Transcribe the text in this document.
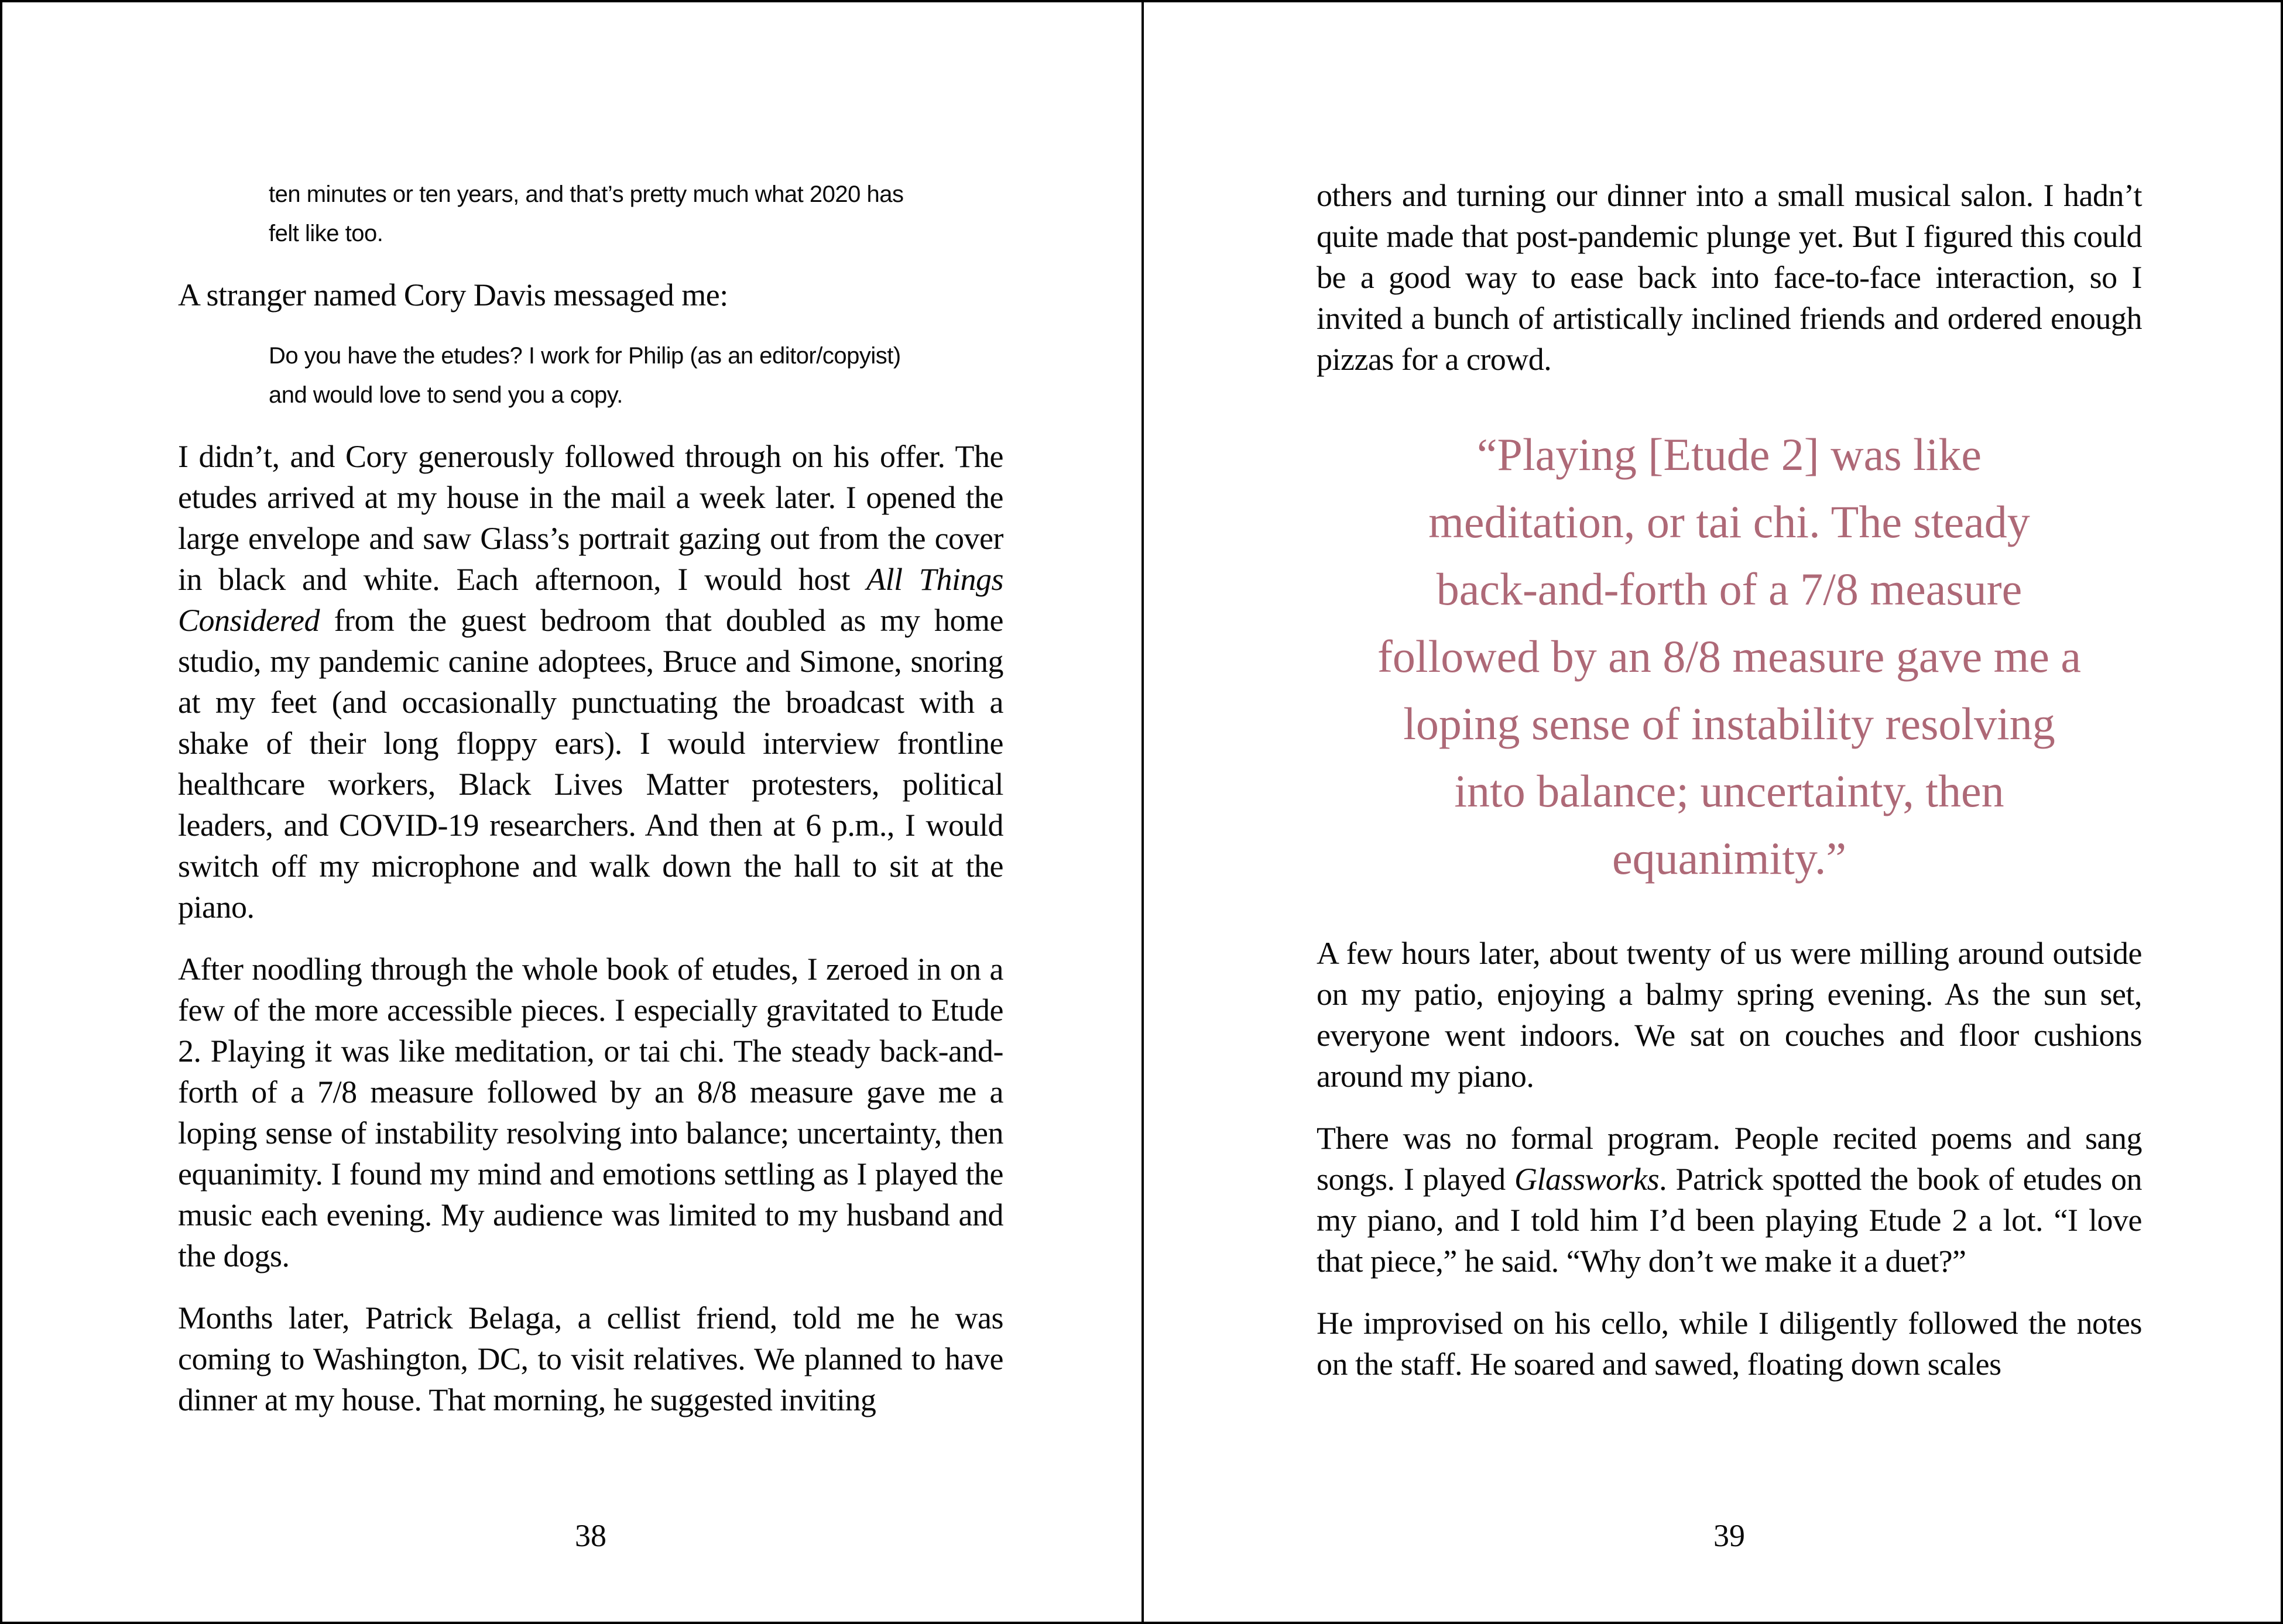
ten minutes or ten years, and that’s pretty much what 2020 has felt like too.

A stranger named Cory Davis messaged me:

Do you have the etudes? I work for Philip (as an editor/copyist) and would love to send you a copy.

I didn’t, and Cory generously followed through on his offer. The etudes arrived at my house in the mail a week later. I opened the large envelope and saw Glass’s portrait gazing out from the cover in black and white. Each afternoon, I would host All Things Considered from the guest bedroom that doubled as my home studio, my pandemic canine adoptees, Bruce and Simone, snoring at my feet (and occasionally punctuating the broadcast with a shake of their long floppy ears). I would interview frontline healthcare workers, Black Lives Matter protesters, political leaders, and COVID-19 researchers. And then at 6 p.m., I would switch off my microphone and walk down the hall to sit at the piano.

After noodling through the whole book of etudes, I zeroed in on a few of the more accessible pieces. I especially gravitated to Etude 2. Playing it was like meditation, or tai chi. The steady back-and-forth of a 7/8 measure followed by an 8/8 measure gave me a loping sense of instability resolving into balance; uncertainty, then equanimity. I found my mind and emotions settling as I played the music each evening. My audience was limited to my husband and the dogs.

Months later, Patrick Belaga, a cellist friend, told me he was coming to Washington, DC, to visit relatives. We planned to have dinner at my house. That morning, he suggested inviting

38

others and turning our dinner into a small musical salon. I hadn’t quite made that post-pandemic plunge yet. But I figured this could be a good way to ease back into face-to-face interaction, so I invited a bunch of artistically inclined friends and ordered enough pizzas for a crowd.

“Playing [Etude 2] was like meditation, or tai chi. The steady back-and-forth of a 7/8 measure followed by an 8/8 measure gave me a loping sense of instability resolving into balance; uncertainty, then equanimity.”

A few hours later, about twenty of us were milling around outside on my patio, enjoying a balmy spring evening. As the sun set, everyone went indoors. We sat on couches and floor cushions around my piano.

There was no formal program. People recited poems and sang songs. I played Glassworks. Patrick spotted the book of etudes on my piano, and I told him I’d been playing Etude 2 a lot. “I love that piece,” he said. “Why don’t we make it a duet?”

He improvised on his cello, while I diligently followed the notes on the staff. He soared and sawed, floating down scales

39
